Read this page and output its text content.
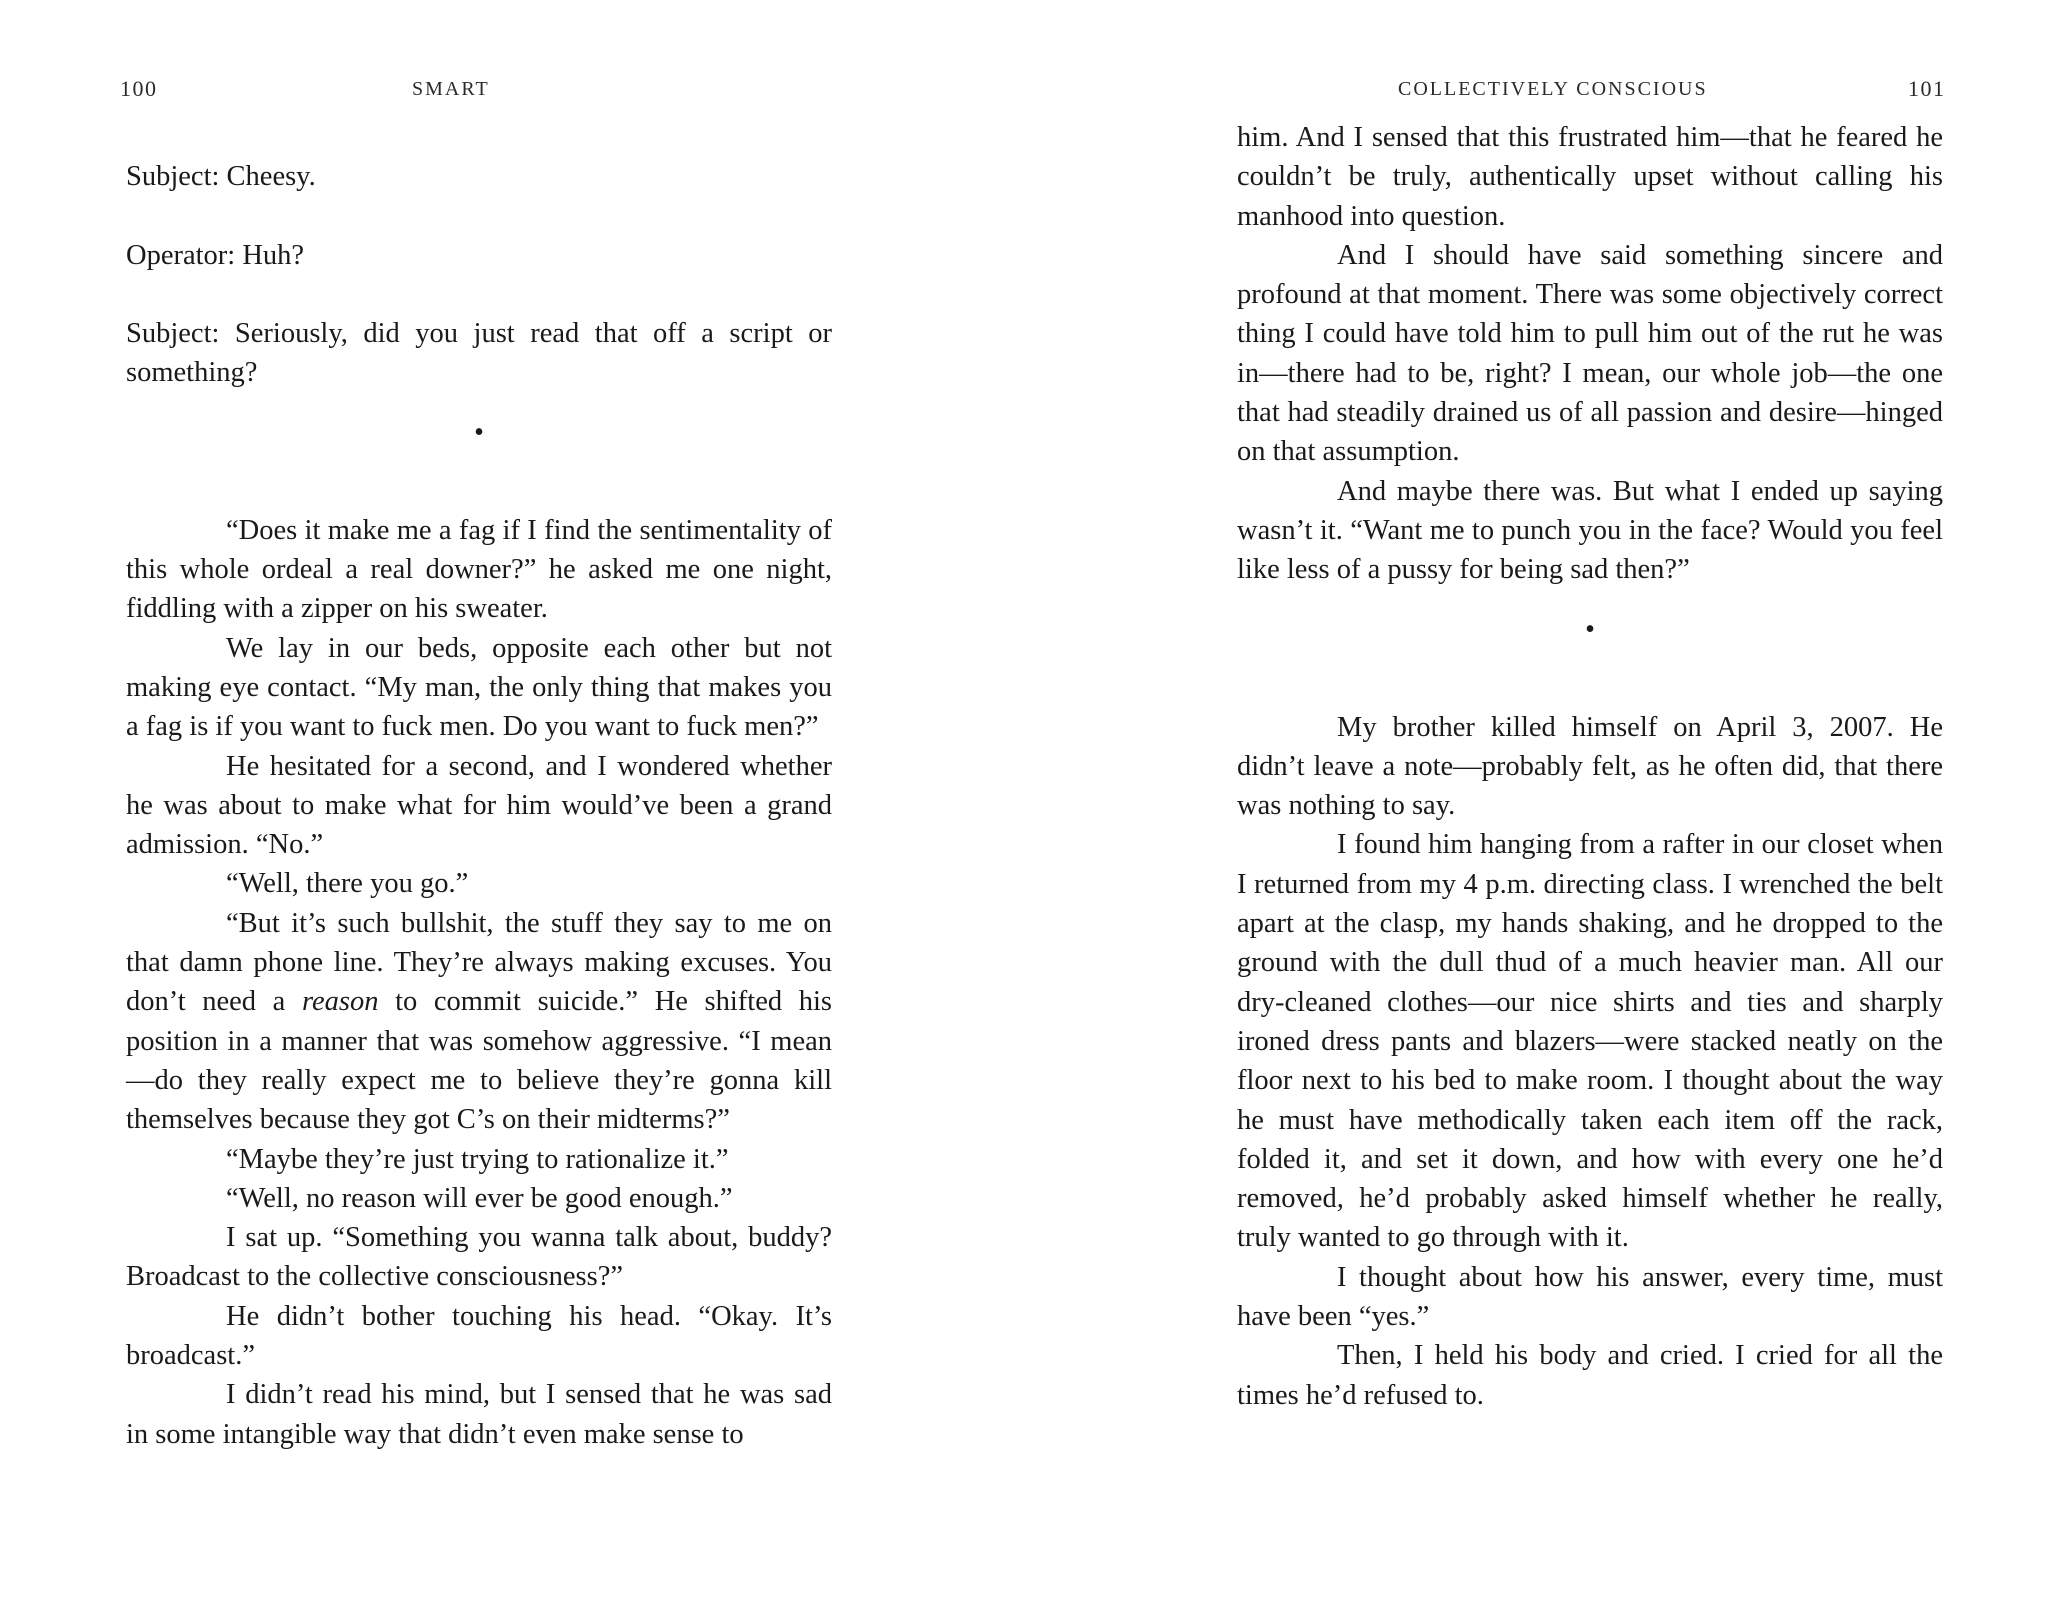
100	SMART

Subject: Cheesy.

Operator: Huh?

Subject: Seriously, did you just read that off a script or something?

•

“Does it make me a fag if I find the sentimentality of this whole ordeal a real downer?” he asked me one night, fiddling with a zipper on his sweater.

We lay in our beds, opposite each other but not making eye contact. “My man, the only thing that makes you a fag is if you want to fuck men. Do you want to fuck men?”

He hesitated for a second, and I wondered whether he was about to make what for him would’ve been a grand admission. “No.”

“Well, there you go.”

“But it’s such bullshit, the stuff they say to me on that damn phone line. They’re always making excuses. You don’t need a reason to commit suicide.” He shifted his position in a manner that was somehow aggressive. “I mean—do they really expect me to believe they’re gonna kill themselves because they got C’s on their midterms?”

“Maybe they’re just trying to rationalize it.”

“Well, no reason will ever be good enough.”

I sat up. “Something you wanna talk about, buddy? Broadcast to the collective consciousness?”

He didn’t bother touching his head. “Okay. It’s broadcast.”

I didn’t read his mind, but I sensed that he was sad in some intangible way that didn’t even make sense to

COLLECTIVELY CONSCIOUS	101

him. And I sensed that this frustrated him—that he feared he couldn’t be truly, authentically upset without calling his manhood into question.

And I should have said something sincere and profound at that moment. There was some objectively correct thing I could have told him to pull him out of the rut he was in—there had to be, right? I mean, our whole job—the one that had steadily drained us of all passion and desire—hinged on that assumption.

And maybe there was. But what I ended up saying wasn’t it. “Want me to punch you in the face? Would you feel like less of a pussy for being sad then?”

•

My brother killed himself on April 3, 2007. He didn’t leave a note—probably felt, as he often did, that there was nothing to say.

I found him hanging from a rafter in our closet when I returned from my 4 p.m. directing class. I wrenched the belt apart at the clasp, my hands shaking, and he dropped to the ground with the dull thud of a much heavier man. All our dry-cleaned clothes—our nice shirts and ties and sharply ironed dress pants and blazers—were stacked neatly on the floor next to his bed to make room. I thought about the way he must have methodically taken each item off the rack, folded it, and set it down, and how with every one he’d removed, he’d probably asked himself whether he really, truly wanted to go through with it.

I thought about how his answer, every time, must have been “yes.”

Then, I held his body and cried. I cried for all the times he’d refused to.
